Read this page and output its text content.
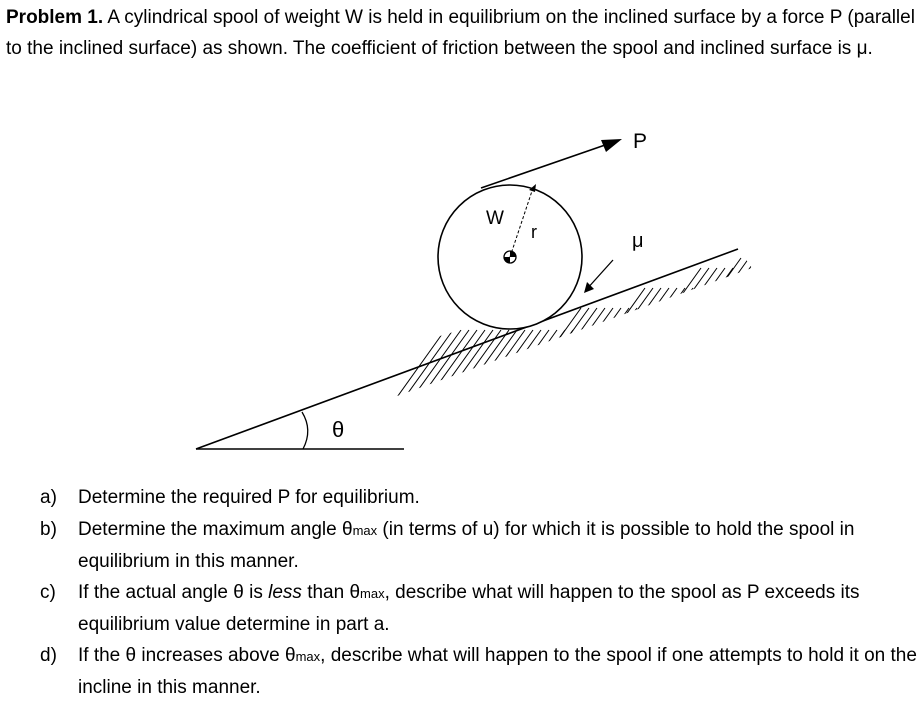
Problem 1. A cylindrical spool of weight W is held in equilibrium on the inclined surface by a force P (parallel to the inclined surface) as shown. The coefficient of friction between the spool and inclined surface is μ.
θ
W
r
P
μ
a) Determine the required P for equilibrium.
b) Determine the maximum angle θmax (in terms of u) for which it is possible to hold the spool in equilibrium in this manner.
c) If the actual angle θ is less than θmax, describe what will happen to the spool as P exceeds its equilibrium value determine in part a.
d) If the θ increases above θmax, describe what will happen to the spool if one attempts to hold it on the incline in this manner.
